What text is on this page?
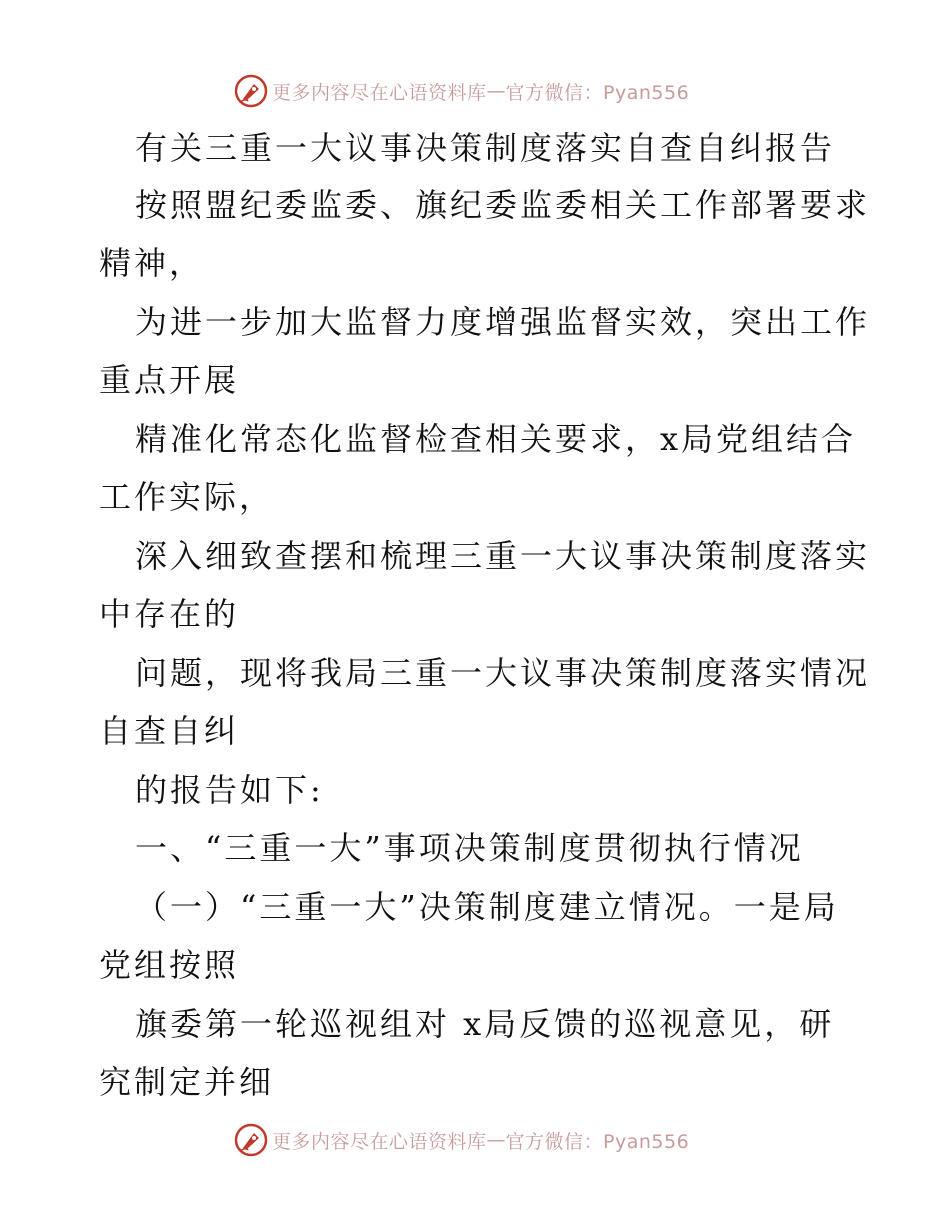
更多内容尽在心语资料库 — 官方微信：Pyan556
有关三重一大议事决策制度落实自查自纠报告
按照盟纪委监委、旗纪委监委相关工作部署要求
精神，
为进一步加大监督力度增强监督实效，突出工作
重点开展
精准化常态化监督检查相关要求，x局党组结合
工作实际，
深入细致查摆和梳理三重一大议事决策制度落实
中存在的
问题，现将我局三重一大议事决策制度落实情况
自查自纠
的报告如下:
一、“三重一大”事项决策制度贯彻执行情况
（一）“三重一大”决策制度建立情况。一是局
党组按照
旗委第一轮巡视组对 x局反馈的巡视意见，研
究制定并细
更多内容尽在心语资料库 — 官方微信：Pyan556
